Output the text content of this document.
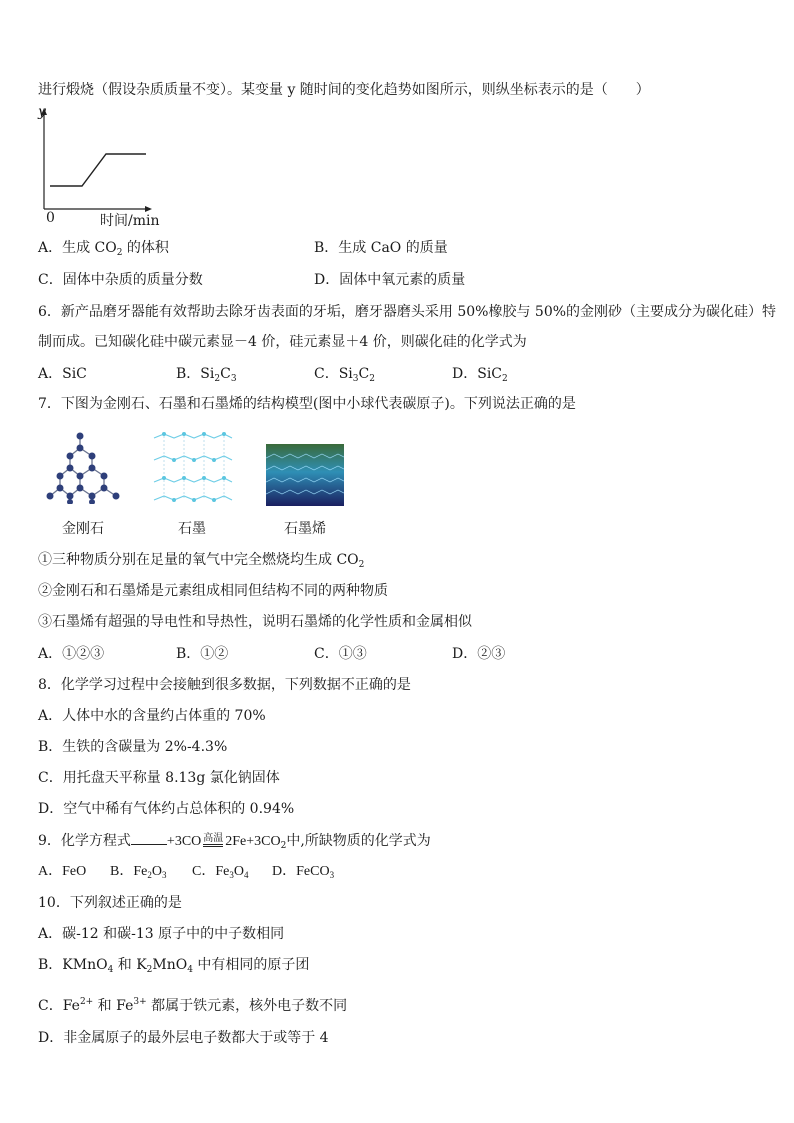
进行煅烧（假设杂质质量不变）。某变量 y 随时间的变化趋势如图所示，则纵坐标表示的是（　　）
y
0	时间/min
A．生成 $CO_2$ 的体积	B．生成 CaO 的质量
C．固体中杂质的质量分数	D．固体中氧元素的质量
6．新产品磨牙器能有效帮助去除牙齿表面的牙垢，磨牙器磨头采用 50%橡胶与 50%的金刚砂（主要成分为碳化硅）特
制而成。已知碳化硅中碳元素显－4 价，硅元素显＋4 价，则碳化硅的化学式为
A．SiC	B．$Si_2C_3$	C．$Si_3C_2$	D．SiC$_2$
7．下图为金刚石、石墨和石墨烯的结构模型(图中小球代表碳原子)。下列说法正确的是
金刚石	石墨	石墨烯
①三种物质分别在足量的氧气中完全燃烧均生成 $CO_2$
②金刚石和石墨烯是元素组成相同但结构不同的两种物质
③石墨烯有超强的导电性和导热性，说明石墨烯的化学性质和金属相似
A．①②③	B．①②	C．①③	D．②③
8．化学学习过程中会接触到很多数据，下列数据不正确的是
A．人体中水的含量约占体重的 70%
B．生铁的含碳量为 2%-4.3%
C．用托盘天平称量 8.13g 氯化钠固体
D．空气中稀有气体约占总体积的 0.94%
9．化学方程式	+3CO 高温 $2Fe+3CO_2$中,所缺物质的化学式为
A．FeO B．$Fe_2O_3$ C．$Fe_3O_4$ D．FeCO$_3$
10．下列叙述正确的是
A．碳-12 和碳-13 原子中的中子数相同
B．KMnO$_4$ 和 $K_2MnO_4$ 中有相同的原子团
C．$Fe^{2+}$ 和 $Fe^{3+}$ 都属于铁元素，核外电子数不同
D．非金属原子的最外层电子数都大于或等于 4
